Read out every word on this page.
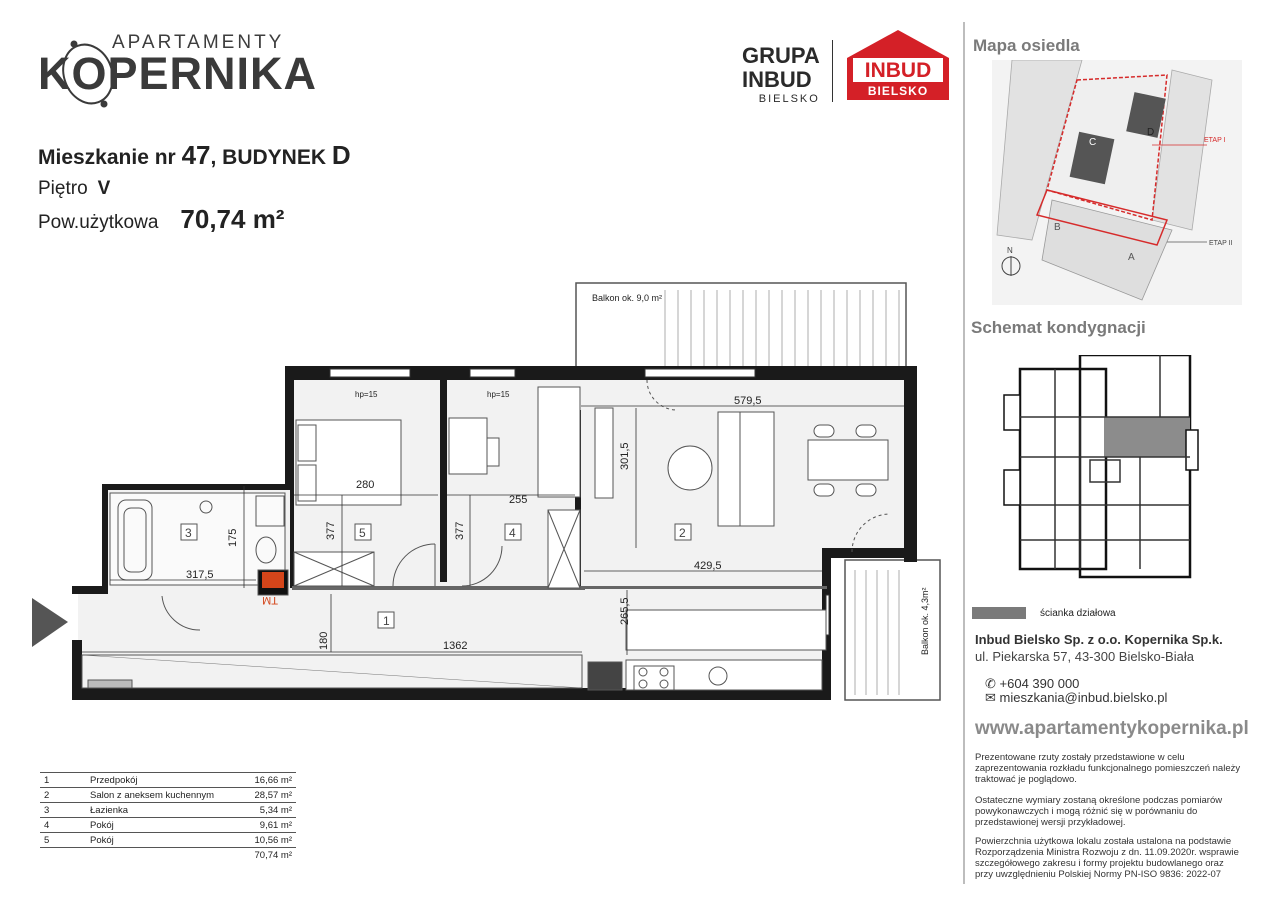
APARTAMENTY
KOPERNIKA	GRUPA
INBUD
BIELSKO
INBUD
BIELSKO
Mieszkanie nr 47, BUDYNEK D
Piętro V
Pow.użytkowa 70,74 m²
Balkon ok. 9,0 m²
Balkon ok. 4,3m²
TM
280
255
579,5
301,5
377	377
175
317,5
429,5
265,5
180	1362
hp=15	hp=15
1
2
3	4
5
1	Przedpokój	16,66 m²
2	Salon z aneksem kuchennym	28,57 m²
3	Łazienka	5,34 m²
4	Pokój	9,61 m²
5	Pokój	10,56 m²
		70,74 m²
Mapa osiedla
C
D
B
A
ETAP I
ETAP II
N
Schemat kondygnacji
ścianka działowa
Inbud Bielsko Sp. z o.o. Kopernika Sp.k.
ul. Piekarska 57, 43-300 Bielsko-Biała
✆ +604 390 000
✉ mieszkania@inbud.bielsko.pl
www.apartamentykopernika.pl
Prezentowane rzuty zostały przedstawione w celu zaprezentowania rozkładu funkcjonalnego pomieszczeń należy traktować je poglądowo.
Ostateczne wymiary zostaną określone podczas pomiarów powykonawczych i mogą różnić się w porównaniu do przedstawionej wersji przykładowej.
Powierzchnia użytkowa lokalu została ustalona na podstawie Rozporządzenia Ministra Rozwoju z dn. 11.09.2020r. wsprawie szczegółowego zakresu i formy projektu budowlanego oraz przy uwzględnieniu Polskiej Normy PN-ISO 9836: 2022-07
